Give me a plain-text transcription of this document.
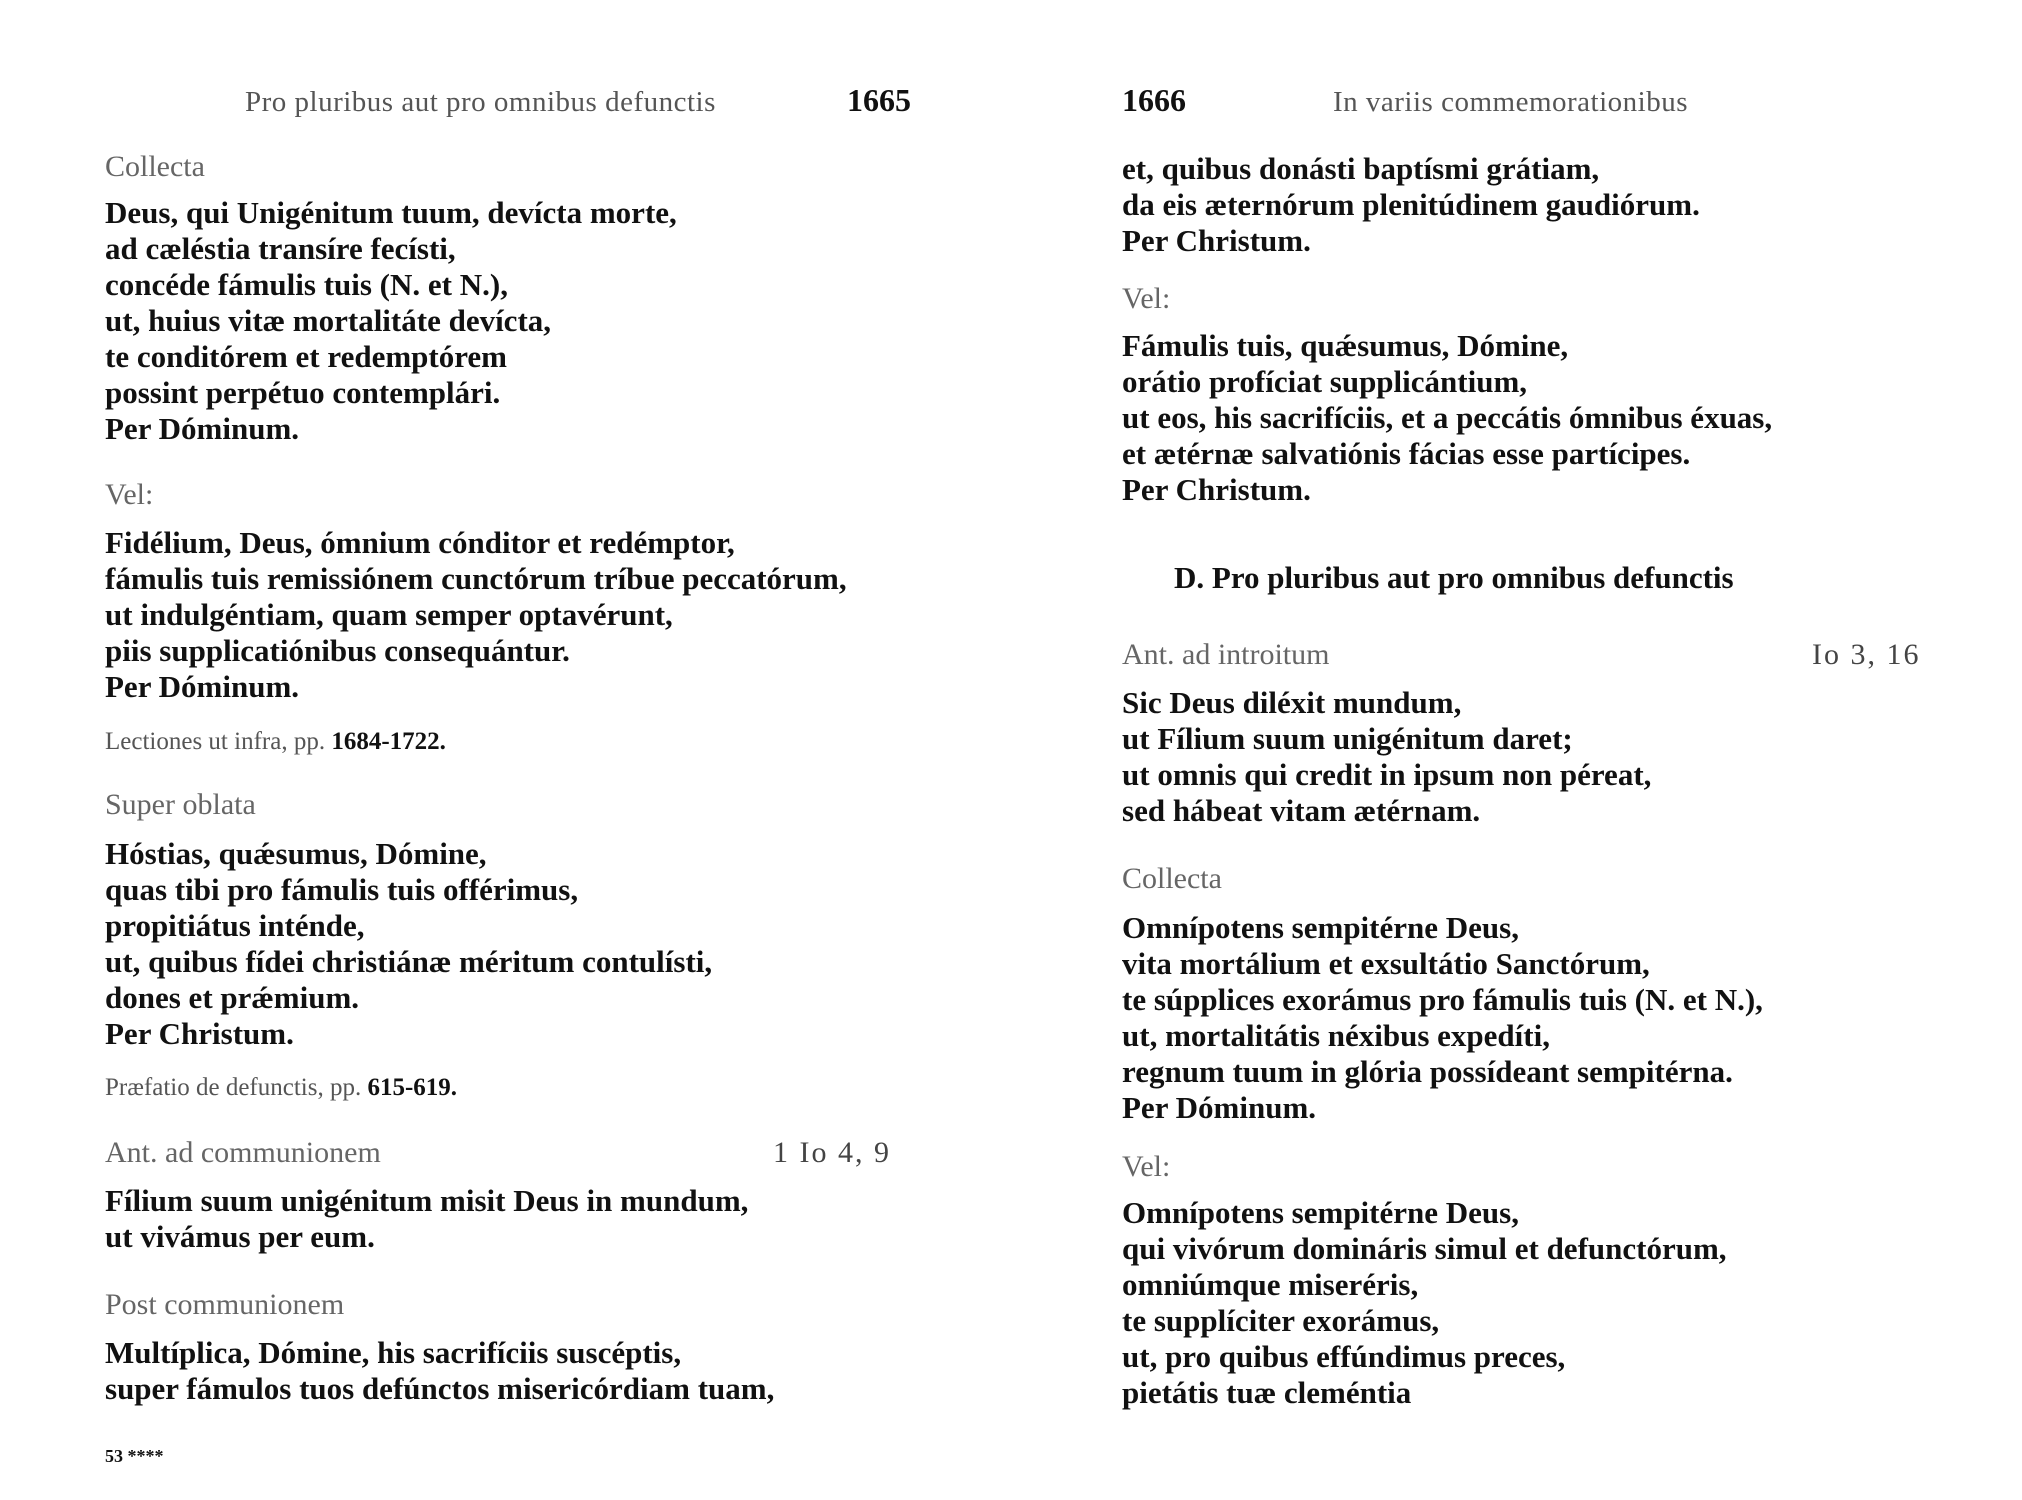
Pro pluribus aut pro omnibus defunctis	1665
Collecta
Deus, qui Unigénitum tuum, devícta morte,
ad cæléstia transíre fecísti,
concéde fámulis tuis (N. et N.),
ut, huius vitæ mortalitáte devícta,
te conditórem et redemptórem
possint perpétuo contemplári.
Per Dóminum.
Vel:
Fidélium, Deus, ómnium cónditor et redémptor,
fámulis tuis remissiónem cunctórum tríbue peccatórum,
ut indulgéntiam, quam semper optavérunt,
piis supplicatiónibus consequántur.
Per Dóminum.
Lectiones ut infra, pp. 1684-1722.
Super oblata
Hóstias, quǽsumus, Dómine,
quas tibi pro fámulis tuis offérimus,
propitiátus inténde,
ut, quibus fídei christiánæ méritum contulísti,
dones et prǽmium.
Per Christum.
Præfatio de defunctis, pp. 615-619.
Ant. ad communionem	1 Io 4, 9
Fílium suum unigénitum misit Deus in mundum,
ut vivámus per eum.
Post communionem
Multíplica, Dómine, his sacrifíciis suscéptis,
super fámulos tuos defúnctos misericórdiam tuam,
53 ****
1666	In variis commemorationibus
et, quibus donásti baptísmi grátiam,
da eis æternórum plenitúdinem gaudiórum.
Per Christum.
Vel:
Fámulis tuis, quǽsumus, Dómine,
orátio profíciat supplicántium,
ut eos, his sacrifíciis, et a peccátis ómnibus éxuas,
et ætérnæ salvatiónis fácias esse partícipes.
Per Christum.
D. Pro pluribus aut pro omnibus defunctis
Ant. ad introitum	Io 3, 16
Sic Deus diléxit mundum,
ut Fílium suum unigénitum daret;
ut omnis qui credit in ipsum non péreat,
sed hábeat vitam ætérnam.
Collecta
Omnípotens sempitérne Deus,
vita mortálium et exsultátio Sanctórum,
te súpplices exorámus pro fámulis tuis (N. et N.),
ut, mortalitátis néxibus expedíti,
regnum tuum in glória possídeant sempitérna.
Per Dóminum.
Vel:
Omnípotens sempitérne Deus,
qui vivórum domináris simul et defunctórum,
omniúmque miseréris,
te supplíciter exorámus,
ut, pro quibus effúndimus preces,
pietátis tuæ cleméntia
